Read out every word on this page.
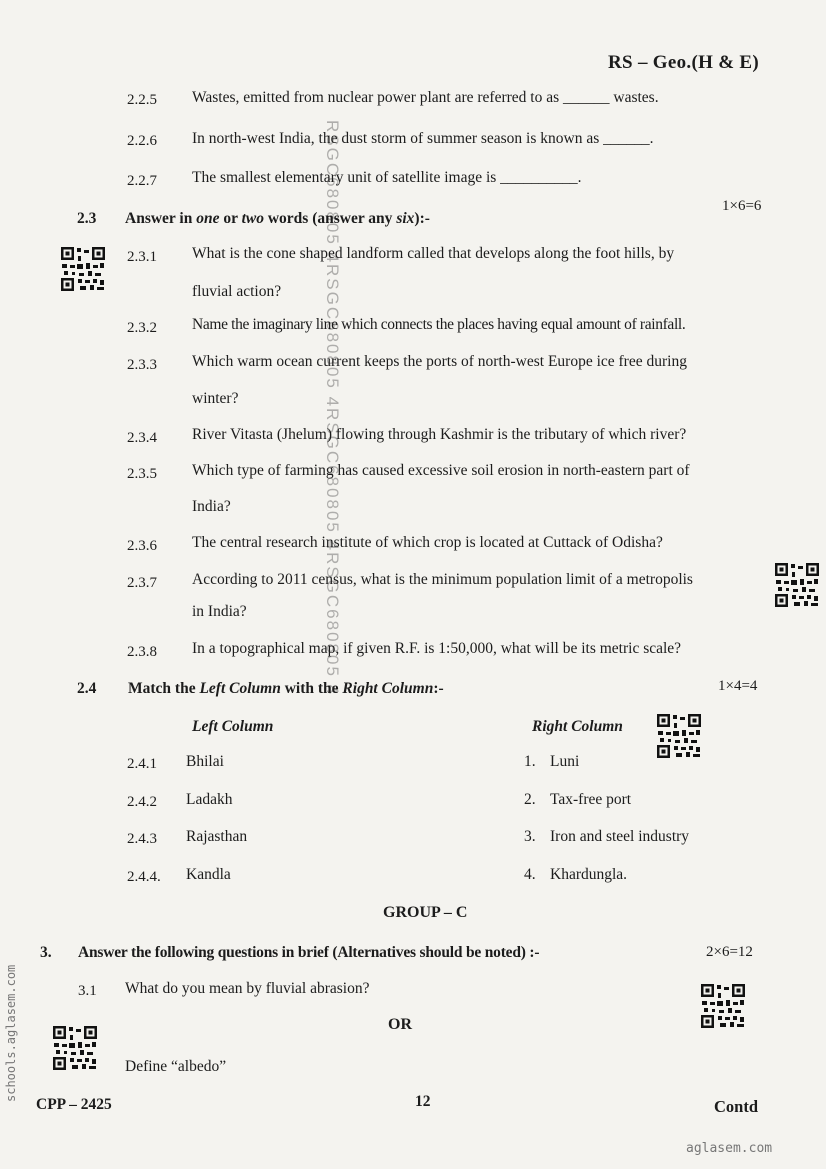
RSGC680805 4RSGC680805 4RSGC680805 4RSGC680805 4
schools.aglasem.com
aglasem.com
RS – Geo.(H & E)
2.2.5 Wastes, emitted from nuclear power plant are referred to as ______ wastes.
2.2.6 In north-west India, the dust storm of summer season is known as ______.
2.2.7 The smallest elementary unit of satellite image is __________.
2.3 Answer in one or two words (answer any six):-
1×6=6
2.3.1 What is the cone shaped landform called that develops along the foot hills, by
fluvial action?
2.3.2 Name the imaginary line which connects the places having equal amount of rainfall.
2.3.3 Which warm ocean current keeps the ports of north-west Europe ice free during
winter?
2.3.4 River Vitasta (Jhelum) flowing through Kashmir is the tributary of which river?
2.3.5 Which type of farming has caused excessive soil erosion in north-eastern part of
India?
2.3.6 The central research institute of which crop is located at Cuttack of Odisha?
2.3.7 According to 2011 census, what is the minimum population limit of a metropolis
in India?
2.3.8 In a topographical map, if given R.F. is 1:50,000, what will be its metric scale?
2.4 Match the Left Column with the Right Column:-	1×4=4
Left Column	Right Column
2.4.1 Bhilai	1. Luni
2.4.2 Ladakh	2. Tax-free port
2.4.3 Rajasthan	3. Iron and steel industry
2.4.4. Kandla	4. Khardungla.
GROUP – C
3. Answer the following questions in brief (Alternatives should be noted) :-	2×6=12
3.1 What do you mean by fluvial abrasion?
OR
Define “albedo”
CPP – 2425	12	Contd
